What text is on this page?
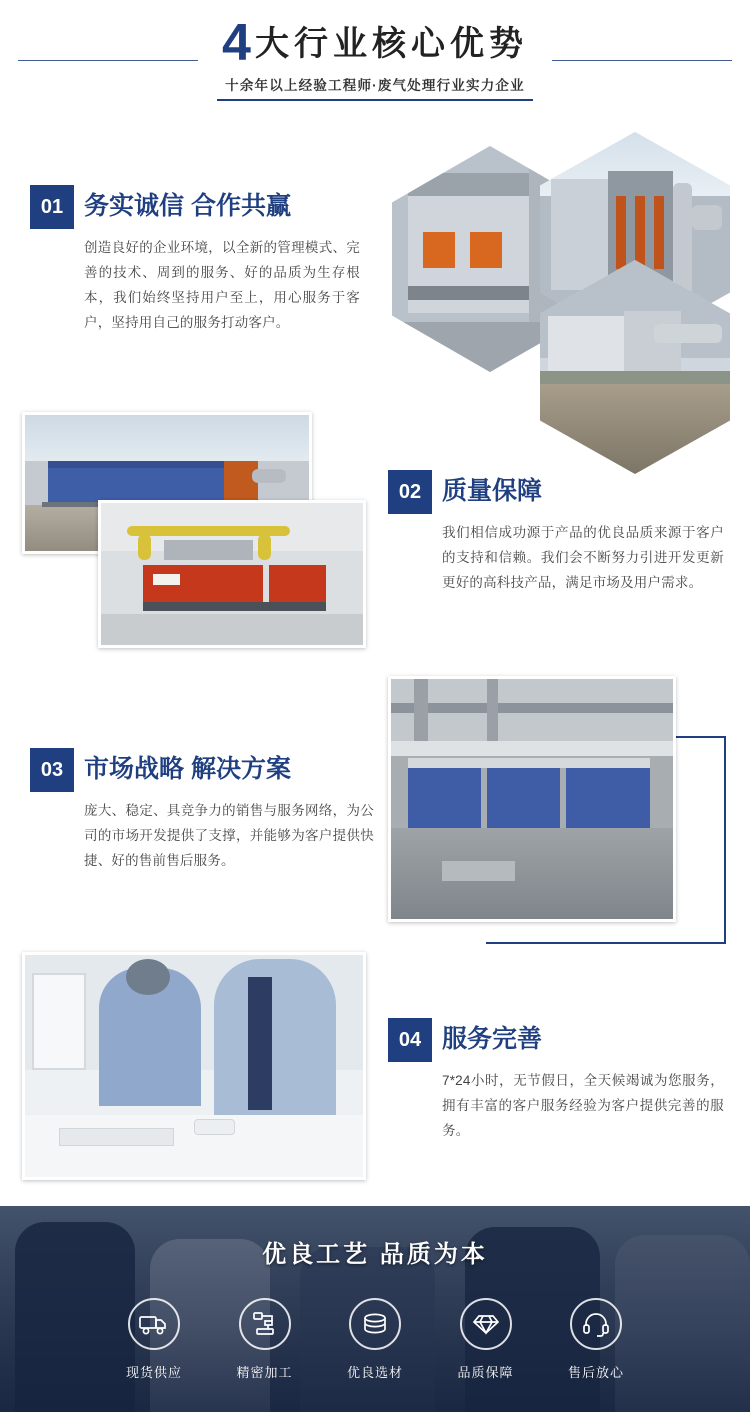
4 大行业核心优势
十余年以上经验工程师·废气处理行业实力企业
01 务实诚信 合作共赢
创造良好的企业环境，以全新的管理模式、完善的技术、周到的服务、好的品质为生存根本，我们始终坚持用户至上，用心服务于客户，坚持用自己的服务打动客户。
02 质量保障
我们相信成功源于产品的优良品质来源于客户的支持和信赖。我们会不断努力引进开发更新更好的高科技产品，满足市场及用户需求。
03 市场战略 解决方案
庞大、稳定、具竞争力的销售与服务网络，为公司的市场开发提供了支撑，并能够为客户提供快捷、好的售前售后服务。
04 服务完善
7*24小时，无节假日，全天候竭诚为您服务，拥有丰富的客户服务经验为客户提供完善的服务。
优良工艺 品质为本
现货供应	精密加工	优良选材	品质保障	售后放心
